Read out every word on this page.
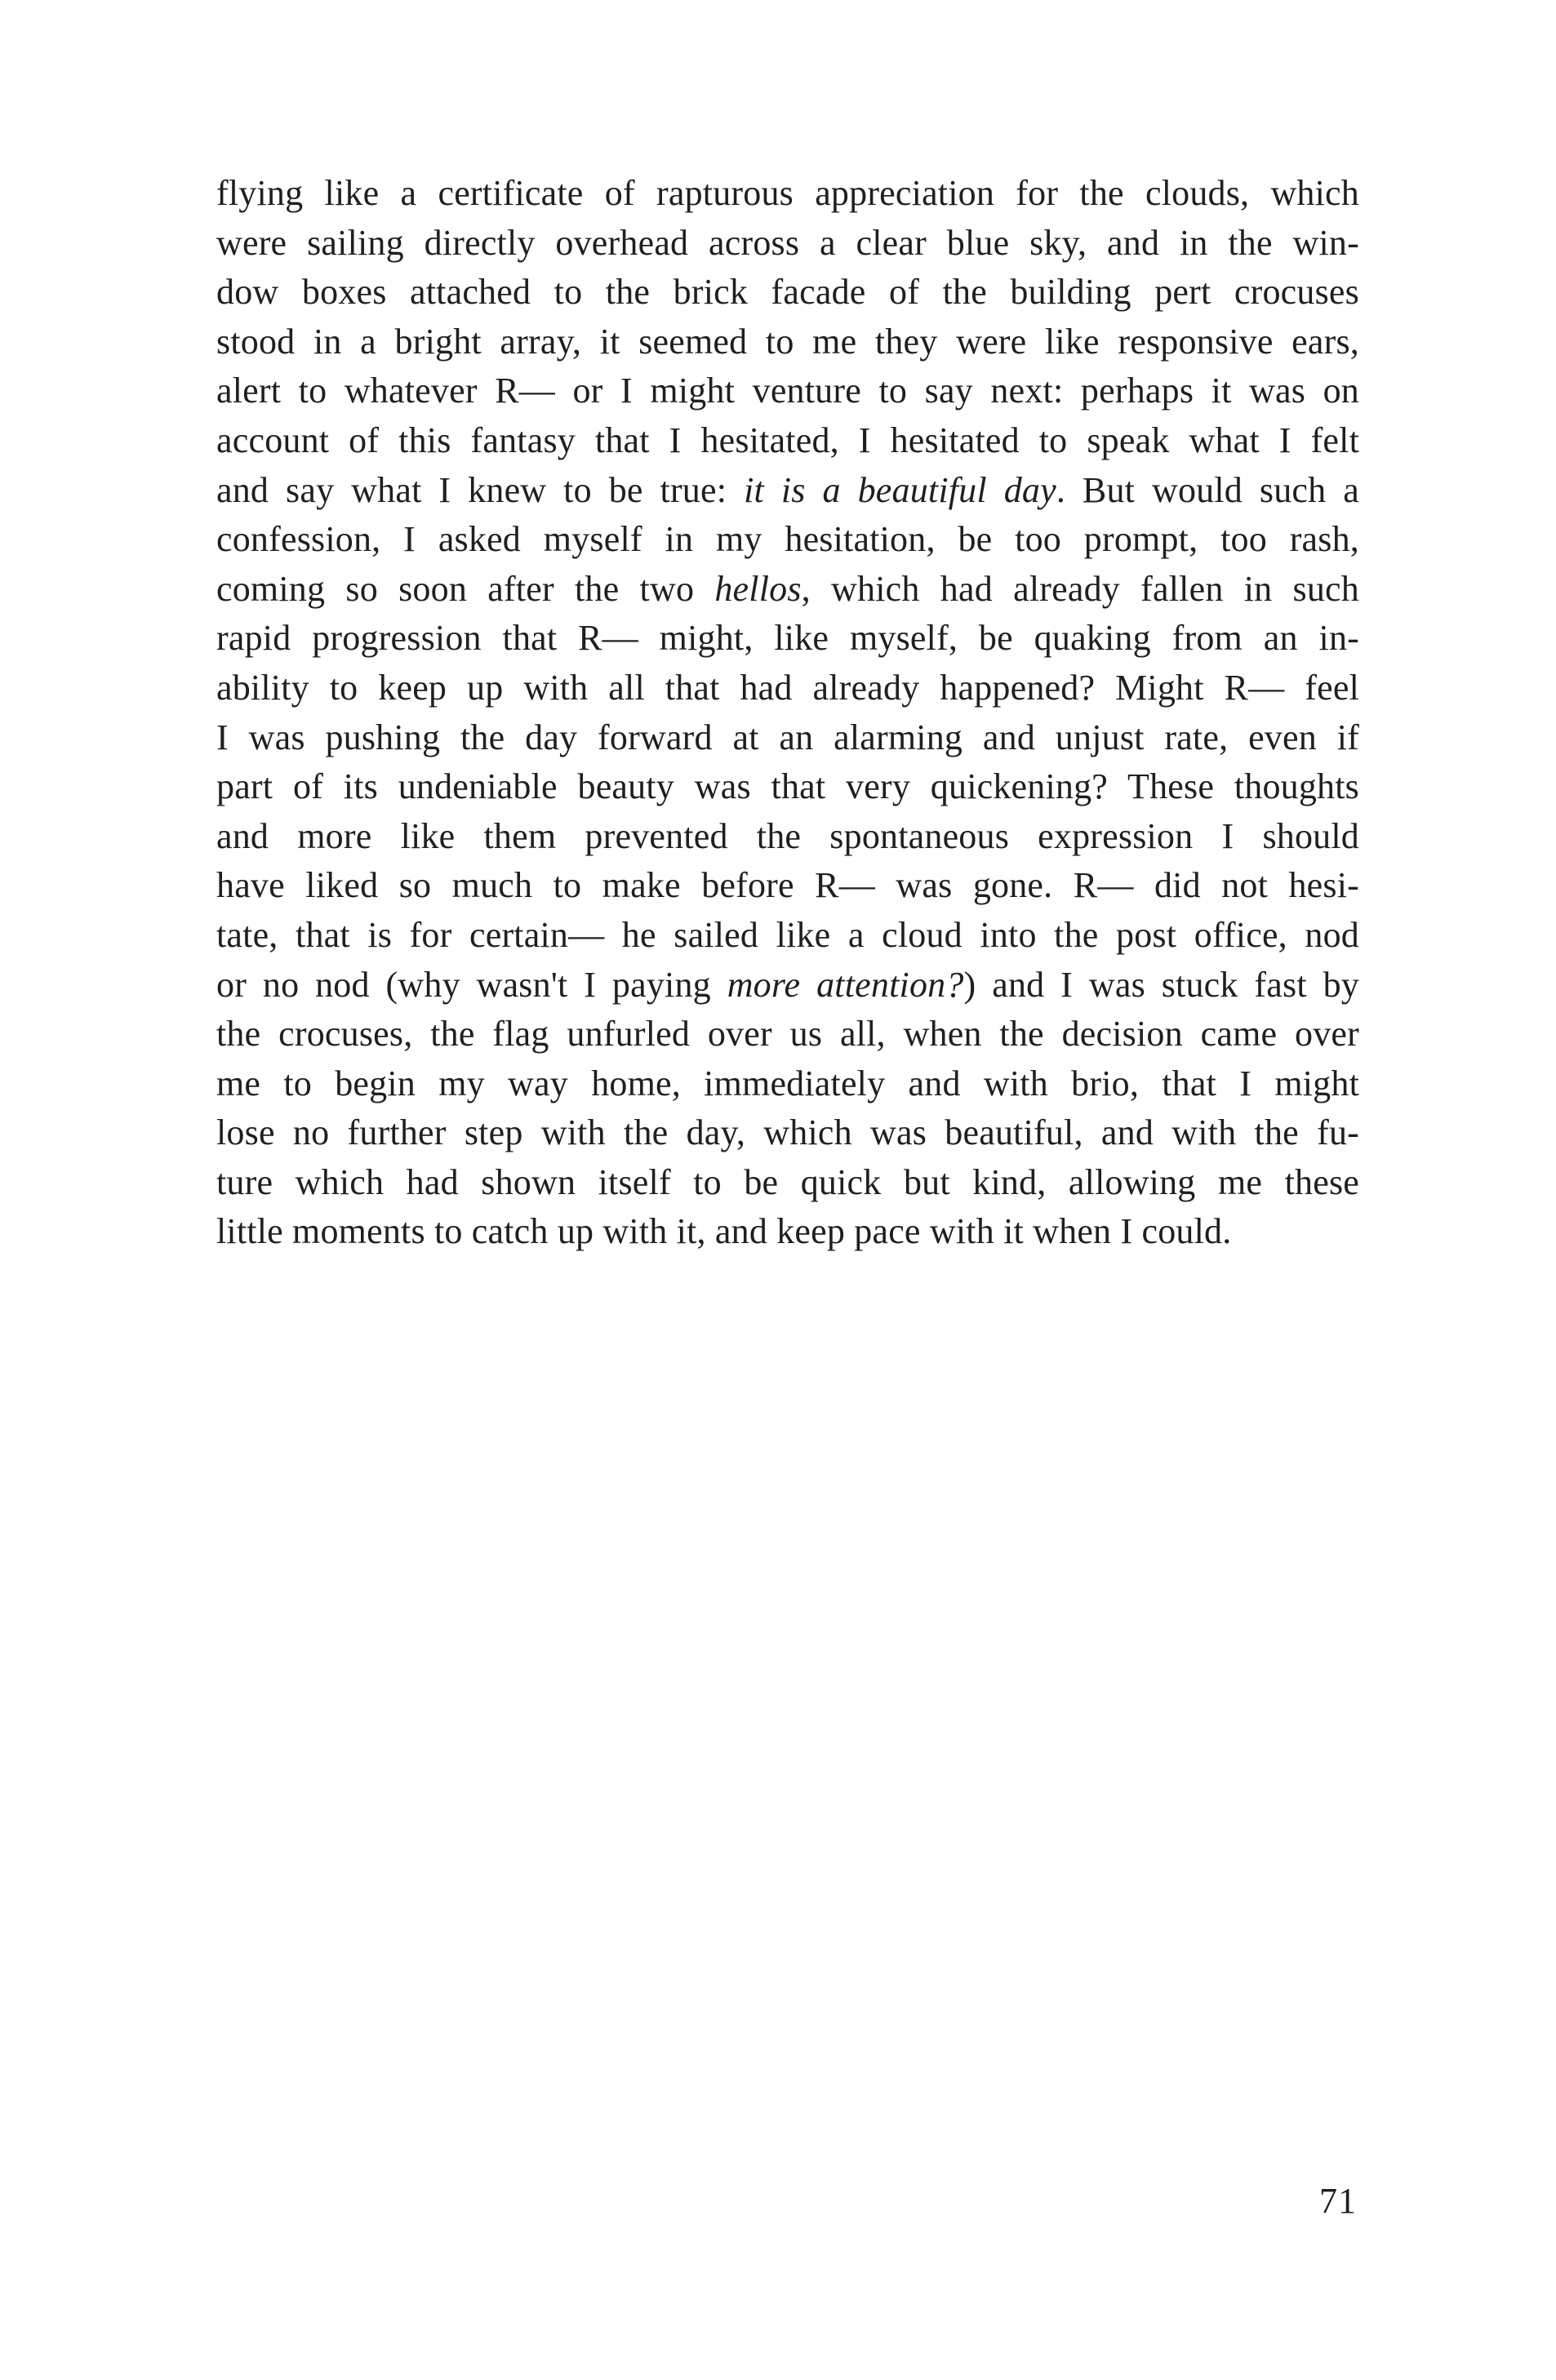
flying like a certificate of rapturous appreciation for the clouds, which
were sailing directly overhead across a clear blue sky, and in the win-
dow boxes attached to the brick facade of the building pert crocuses
stood in a bright array, it seemed to me they were like responsive ears,
alert to whatever R— or I might venture to say next: perhaps it was on
account of this fantasy that I hesitated, I hesitated to speak what I felt
and say what I knew to be true: it is a beautiful day. But would such a
confession, I asked myself in my hesitation, be too prompt, too rash,
coming so soon after the two hellos, which had already fallen in such
rapid progression that R— might, like myself, be quaking from an in-
ability to keep up with all that had already happened? Might R— feel
I was pushing the day forward at an alarming and unjust rate, even if
part of its undeniable beauty was that very quickening? These thoughts
and more like them prevented the spontaneous expression I should
have liked so much to make before R— was gone. R— did not hesi-
tate, that is for certain— he sailed like a cloud into the post office, nod
or no nod (why wasn't I paying more attention?) and I was stuck fast by
the crocuses, the flag unfurled over us all, when the decision came over
me to begin my way home, immediately and with brio, that I might
lose no further step with the day, which was beautiful, and with the fu-
ture which had shown itself to be quick but kind, allowing me these
little moments to catch up with it, and keep pace with it when I could.
71
